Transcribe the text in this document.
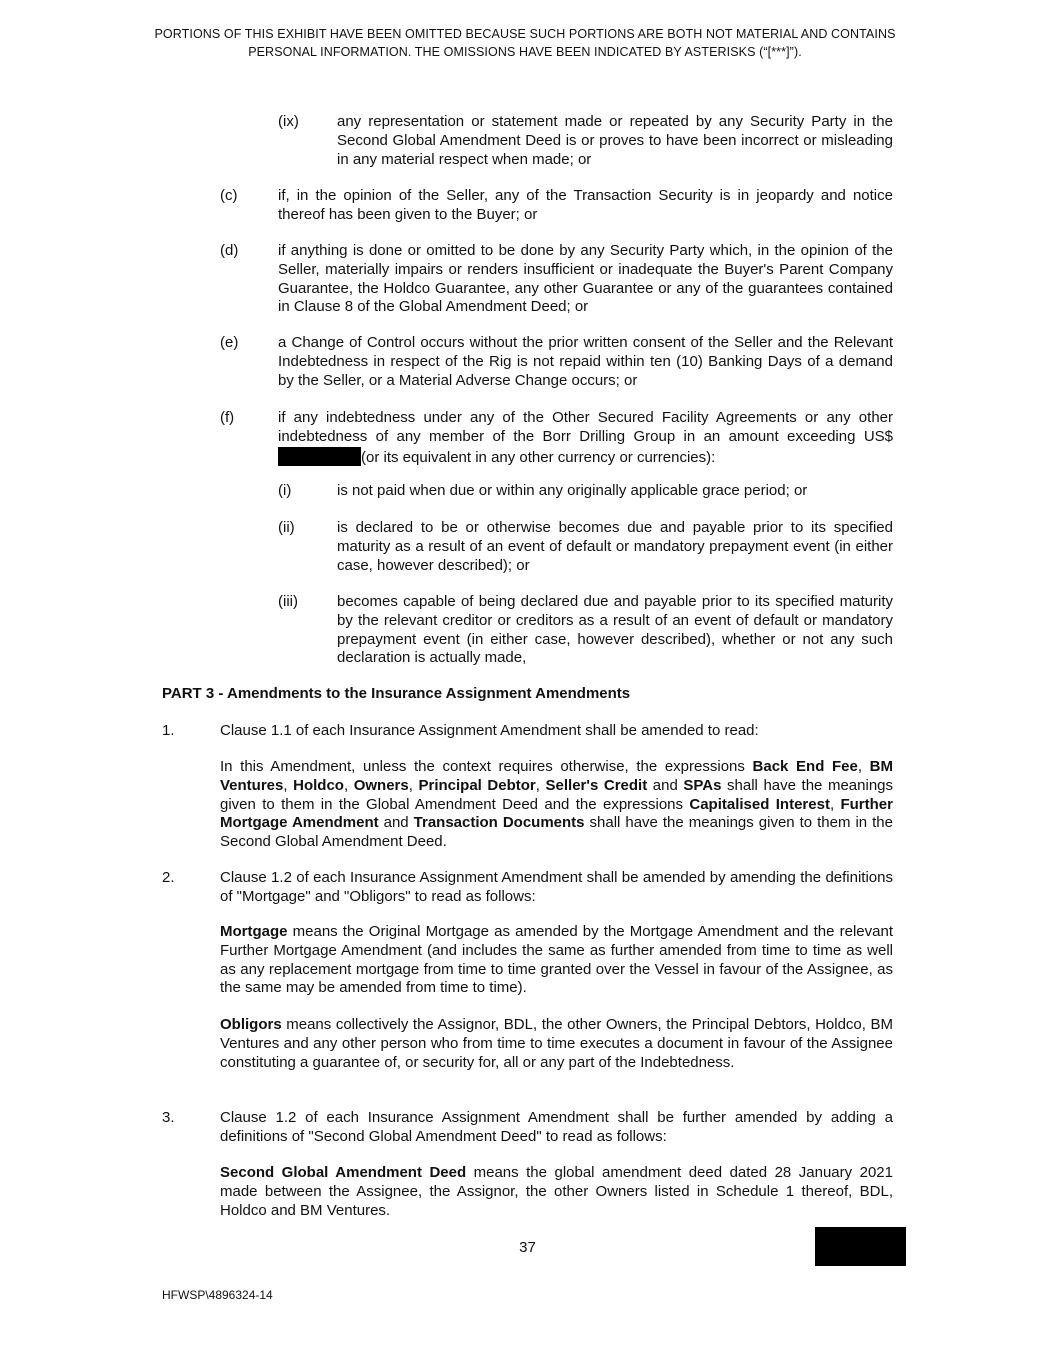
PORTIONS OF THIS EXHIBIT HAVE BEEN OMITTED BECAUSE SUCH PORTIONS ARE BOTH NOT MATERIAL AND CONTAINS PERSONAL INFORMATION. THE OMISSIONS HAVE BEEN INDICATED BY ASTERISKS (“[***]”).
(ix)	any representation or statement made or repeated by any Security Party in the Second Global Amendment Deed is or proves to have been incorrect or misleading in any material respect when made; or

(c)	if, in the opinion of the Seller, any of the Transaction Security is in jeopardy and notice thereof has been given to the Buyer; or

(d)	if anything is done or omitted to be done by any Security Party which, in the opinion of the Seller, materially impairs or renders insufficient or inadequate the Buyer's Parent Company Guarantee, the Holdco Guarantee, any other Guarantee or any of the guarantees contained in Clause 8 of the Global Amendment Deed; or

(e)	a Change of Control occurs without the prior written consent of the Seller and the Relevant Indebtedness in respect of the Rig is not repaid within ten (10) Banking Days of a demand by the Seller, or a Material Adverse Change occurs; or

(f)	if any indebtedness under any of the Other Secured Facility Agreements or any other indebtedness of any member of the Borr Drilling Group in an amount exceeding US$(or its equivalent in any other currency or currencies):

(i)	is not paid when due or within any originally applicable grace period; or

(ii)	is declared to be or otherwise becomes due and payable prior to its specified maturity as a result of an event of default or mandatory prepayment event (in either case, however described); or

(iii)	becomes capable of being declared due and payable prior to its specified maturity by the relevant creditor or creditors as a result of an event of default or mandatory prepayment event (in either case, however described), whether or not any such declaration is actually made,

PART 3 - Amendments to the Insurance Assignment Amendments
1.	Clause 1.1 of each Insurance Assignment Amendment shall be amended to read:

In this Amendment, unless the context requires otherwise, the expressions Back End Fee, BM Ventures, Holdco, Owners, Principal Debtor, Seller's Credit and SPAs shall have the meanings given to them in the Global Amendment Deed and the expressions Capitalised Interest, Further Mortgage Amendment and Transaction Documents shall have the meanings given to them in the Second Global Amendment Deed.

2.	Clause 1.2 of each Insurance Assignment Amendment shall be amended by amending the definitions of "Mortgage" and "Obligors" to read as follows:

Mortgage means the Original Mortgage as amended by the Mortgage Amendment and the relevant Further Mortgage Amendment (and includes the same as further amended from time to time as well as any replacement mortgage from time to time granted over the Vessel in favour of the Assignee, as the same may be amended from time to time).

Obligors means collectively the Assignor, BDL, the other Owners, the Principal Debtors, Holdco, BM Ventures and any other person who from time to time executes a document in favour of the Assignee constituting a guarantee of, or security for, all or any part of the Indebtedness.

3.	Clause 1.2 of each Insurance Assignment Amendment shall be further amended by adding a definitions of "Second Global Amendment Deed" to read as follows:

Second Global Amendment Deed means the global amendment deed dated 28 January 2021 made between the Assignee, the Assignor, the other Owners listed in Schedule 1 thereof, BDL, Holdco and BM Ventures.

37
HFWSP\4896324-14
